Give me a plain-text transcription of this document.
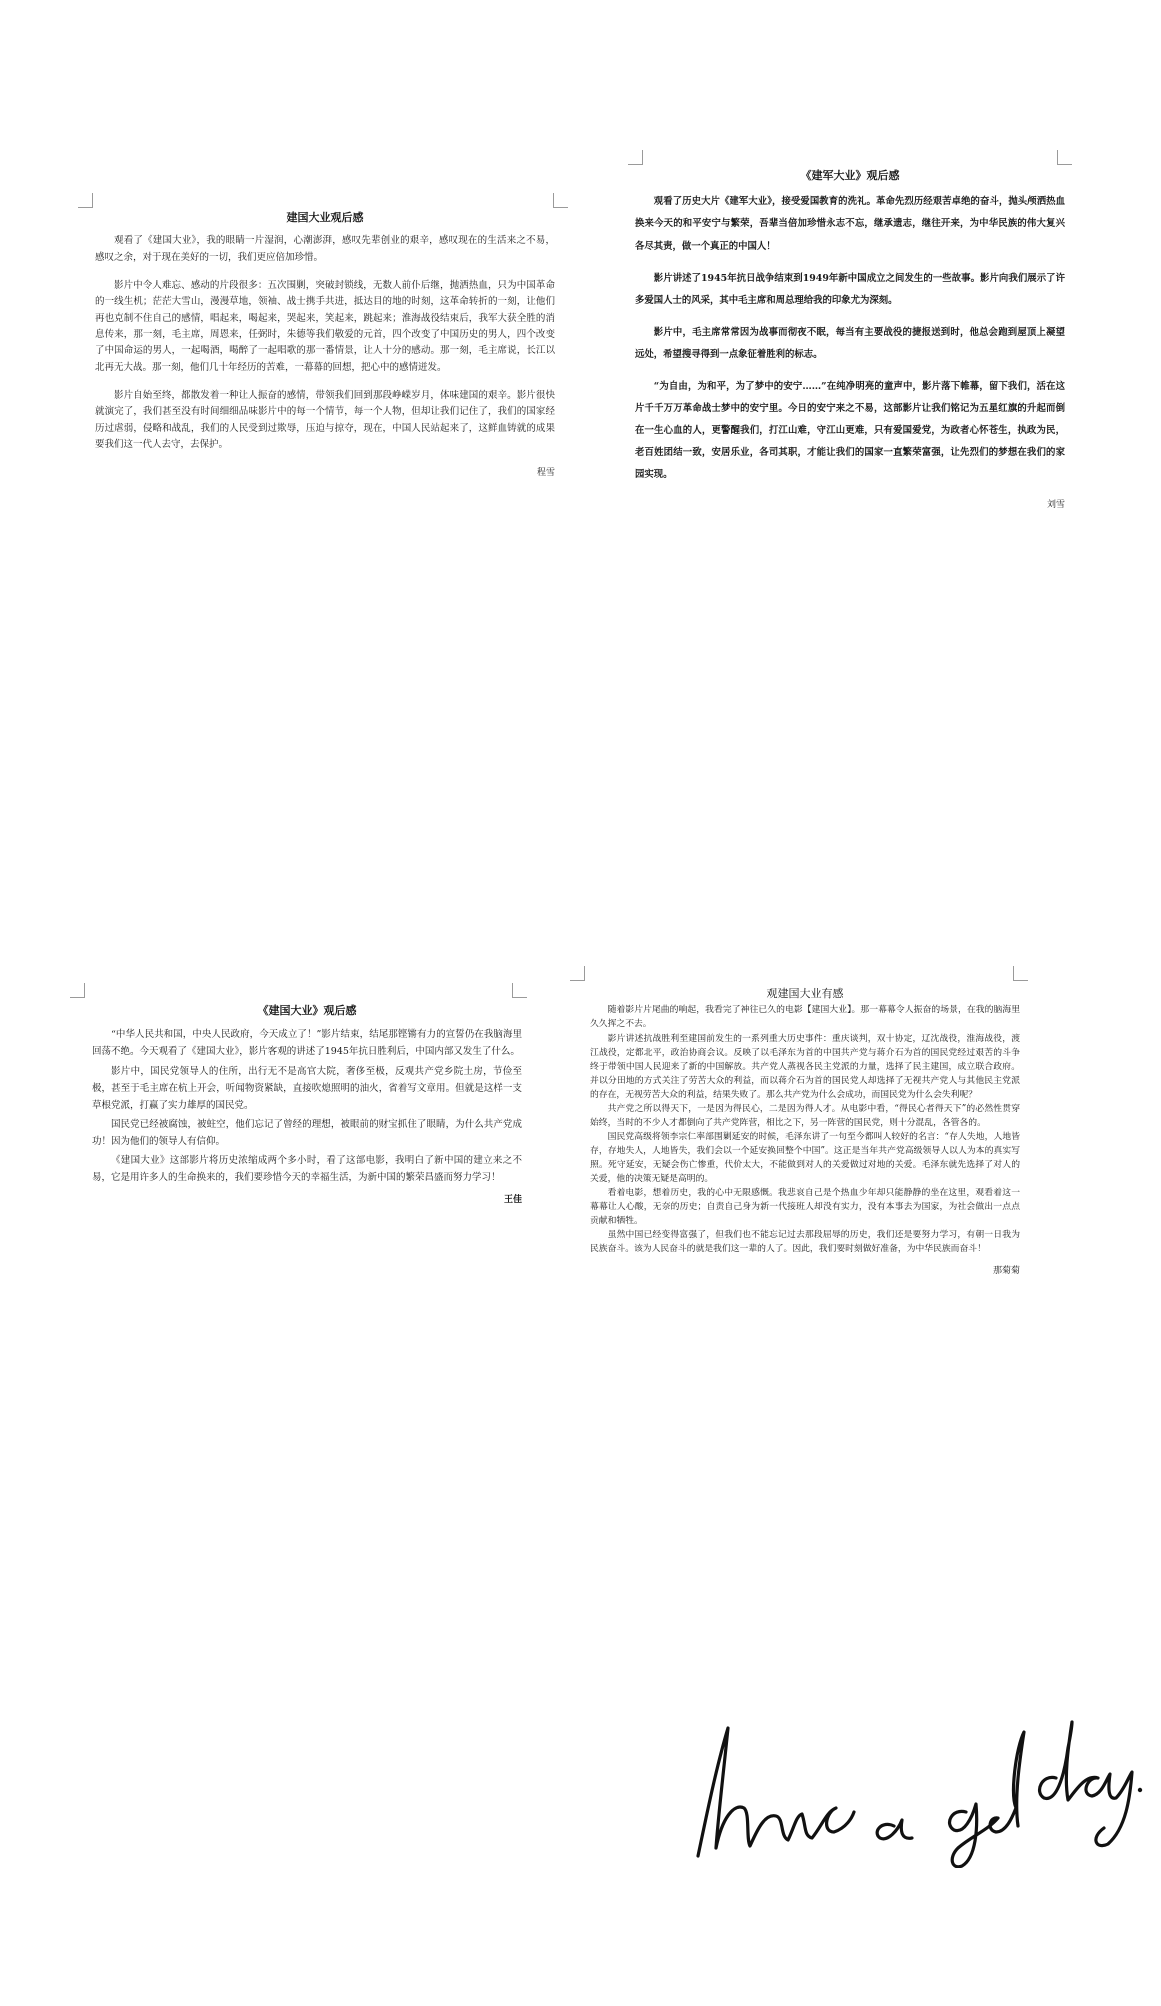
建国大业观后感

观看了《建国大业》，我的眼睛一片湿润，心潮澎湃，感叹先辈创业的艰辛，感叹现在的生活来之不易，感叹之余，对于现在美好的一切，我们更应倍加珍惜。

影片中令人难忘、感动的片段很多：五次围剿，突破封锁线，无数人前仆后继，抛洒热血，只为中国革命的一线生机；茫茫大雪山，漫漫草地，领袖、战士携手共进，抵达目的地的时刻，这革命转折的一刻，让他们再也克制不住自己的感情，唱起来，喝起来，哭起来，笑起来，跳起来；淮海战役结束后，我军大获全胜的消息传来，那一刻，毛主席，周恩来，任弼时，朱德等我们敬爱的元首，四个改变了中国历史的男人，四个改变了中国命运的男人，一起喝酒，喝醉了一起唱歌的那一番情景，让人十分的感动。那一刻，毛主席说，长江以北再无大战。那一刻，他们几十年经历的苦难，一幕幕的回想，把心中的感情迸发。

影片自始至终，都散发着一种让人振奋的感情，带领我们回到那段峥嵘岁月，体味建国的艰辛。影片很快就演完了，我们甚至没有时间细细品味影片中的每一个情节，每一个人物，但却让我们记住了，我们的国家经历过虐弱，侵略和战乱，我们的人民受到过欺辱，压迫与掠夺，现在，中国人民站起来了，这鲜血铸就的成果要我们这一代人去守，去保护。

程雪
《建军大业》观后感

观看了历史大片《建军大业》，接受爱国教育的洗礼。革命先烈历经艰苦卓绝的奋斗，抛头颅洒热血换来今天的和平安宁与繁荣，吾辈当倍加珍惜永志不忘，继承遗志，继往开来，为中华民族的伟大复兴各尽其责，做一个真正的中国人！

影片讲述了1945年抗日战争结束到1949年新中国成立之间发生的一些故事。影片向我们展示了许多爱国人士的风采，其中毛主席和周总理给我的印象尤为深刻。

影片中，毛主席常常因为战事而彻夜不眠，每当有主要战役的捷报送到时，他总会跑到屋顶上凝望远处，希望搜寻得到一点象征着胜利的标志。

“为自由，为和平，为了梦中的安宁……”在纯净明亮的童声中，影片落下帷幕，留下我们，活在这片千千万万革命战士梦中的安宁里。今日的安宁来之不易，这部影片让我们铭记为五星红旗的升起而倒在一生心血的人，更警醒我们，打江山难，守江山更难，只有爱国爱党，为政者心怀苍生，执政为民，老百姓团结一致，安居乐业，各司其职，才能让我们的国家一直繁荣富强，让先烈们的梦想在我们的家园实现。

刘雪
《建国大业》观后感

“中华人民共和国，中央人民政府，今天成立了！”影片结束，结尾那铿锵有力的宣誓仍在我脑海里回荡不绝。今天观看了《建国大业》，影片客观的讲述了1945年抗日胜利后，中国内部又发生了什么。

影片中，国民党领导人的住所，出行无不是高官大院，奢侈至极，反观共产党乡院土房，节俭至极，甚至于毛主席在杭上开会，听闻物资紧缺，直接吹熄照明的油火，省着写文章用。但就是这样一支草根党派，打赢了实力雄厚的国民党。

国民党已经被腐蚀，被蛀空，他们忘记了曾经的理想，被眼前的财宝抓住了眼睛，为什么共产党成功！因为他们的领导人有信仰。

《建国大业》这部影片将历史浓缩成两个多小时，看了这部电影，我明白了新中国的建立来之不易，它是用许多人的生命换来的，我们要珍惜今天的幸福生活，为新中国的繁荣昌盛而努力学习！

王佳
观建国大业有感

随着影片片尾曲的响起，我看完了神往已久的电影【建国大业】。那一幕幕令人振奋的场景，在我的脑海里久久挥之不去。

影片讲述抗战胜利至建国前发生的一系列重大历史事件：重庆谈判，双十协定，辽沈战役，淮海战役，渡江战役，定都北平，政治协商会议。反映了以毛泽东为首的中国共产党与蒋介石为首的国民党经过艰苦的斗争终于带领中国人民迎来了新的中国解放。共产党人蒸视各民主党派的力量，选择了民主建国，成立联合政府。并以分田地的方式关注了劳苦大众的利益，而以蒋介石为首的国民党人却选择了无视共产党人与其他民主党派的存在，无视劳苦大众的利益，结果失败了。那么共产党为什么会成功，而国民党为什么会失利呢？

共产党之所以得天下，一是因为得民心，二是因为得人才。从电影中看，“得民心者得天下”的必然性贯穿始终，当时的不少人才都倒向了共产党阵营，相比之下，另一阵营的国民党，则十分混乱，各管各的。

国民党高级将领李宗仁率部围剿延安的时候，毛泽东讲了一句至今都叫人较好的名言：“存人失地，人地皆存，存地失人，人地皆失，我们会以一个延安换回整个中国”。这正是当年共产党高级领导人以人为本的真实写照。死守延安，无疑会伤亡惨重，代价太大，不能做到对人的关爱做过对地的关爱。毛泽东就先选择了对人的关爱，他的决策无疑是高明的。

看着电影，想着历史，我的心中无限感慨。我悲哀自己是个热血少年却只能静静的坐在这里，观看着这一幕幕让人心酸，无奈的历史；自责自己身为新一代接班人却没有实力，没有本事去为国家，为社会做出一点点贡献和牺牲。

虽然中国已经变得富强了，但我们也不能忘记过去那段屈辱的历史，我们还是要努力学习，有朝一日我为民族奋斗。该为人民奋斗的就是我们这一辈的人了。因此，我们要时刻做好准备，为中华民族而奋斗！

那菊菊
